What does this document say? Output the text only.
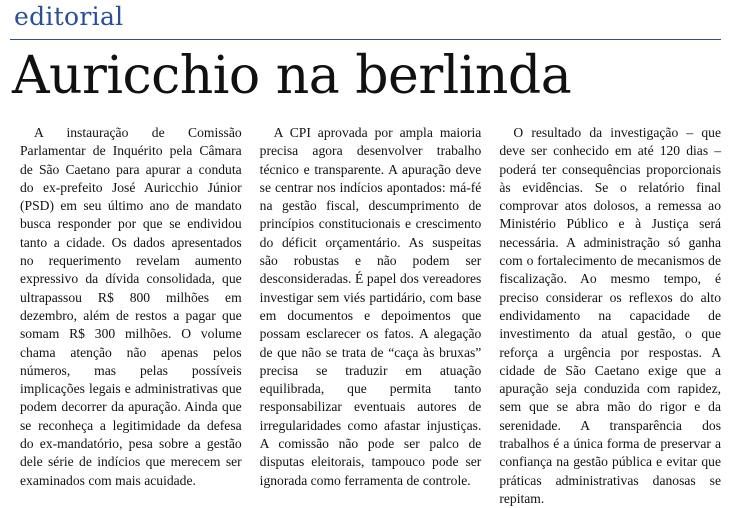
editorial
Auricchio na berlinda

A instauração de Comissão Parlamentar de Inquérito pela Câmara de São Caetano para apurar a conduta do ex-prefeito José Auricchio Júnior (PSD) em seu último ano de mandato busca responder por que se endividou tanto a cidade. Os dados apresentados no requerimento revelam aumento expressivo da dívida consolidada, que ultrapassou R$ 800 milhões em dezembro, além de restos a pagar que somam R$ 300 milhões. O volume chama atenção não apenas pelos números, mas pelas possíveis implicações legais e administrativas que podem decorrer da apuração. Ainda que se reconheça a legitimidade da defesa do ex-mandatório, pesa sobre a gestão dele série de indícios que merecem ser examinados com mais acuidade.

A CPI aprovada por ampla maioria precisa agora desenvolver trabalho técnico e transparente. A apuração deve se centrar nos indícios apontados: má-fé na gestão fiscal, descumprimento de princípios constitucionais e crescimento do déficit orçamentário. As suspeitas são robustas e não podem ser desconsideradas. É papel dos vereadores investigar sem viés partidário, com base em documentos e depoimentos que possam esclarecer os fatos. A alegação de que não se trata de “caça às bruxas” precisa se traduzir em atuação equilibrada, que permita tanto responsabilizar eventuais autores de irregularidades como afastar injustiças. A comissão não pode ser palco de disputas eleitorais, tampouco pode ser ignorada como ferramenta de controle.

O resultado da investigação – que deve ser conhecido em até 120 dias – poderá ter consequências proporcionais às evidências. Se o relatório final comprovar atos dolosos, a remessa ao Ministério Público e à Justiça será necessária. A administração só ganha com o fortalecimento de mecanismos de fiscalização. Ao mesmo tempo, é preciso considerar os reflexos do alto endividamento na capacidade de investimento da atual gestão, o que reforça a urgência por respostas. A cidade de São Caetano exige que a apuração seja conduzida com rapidez, sem que se abra mão do rigor e da serenidade. A transparência dos trabalhos é a única forma de preservar a confiança na gestão pública e evitar que práticas administrativas danosas se repitam.
